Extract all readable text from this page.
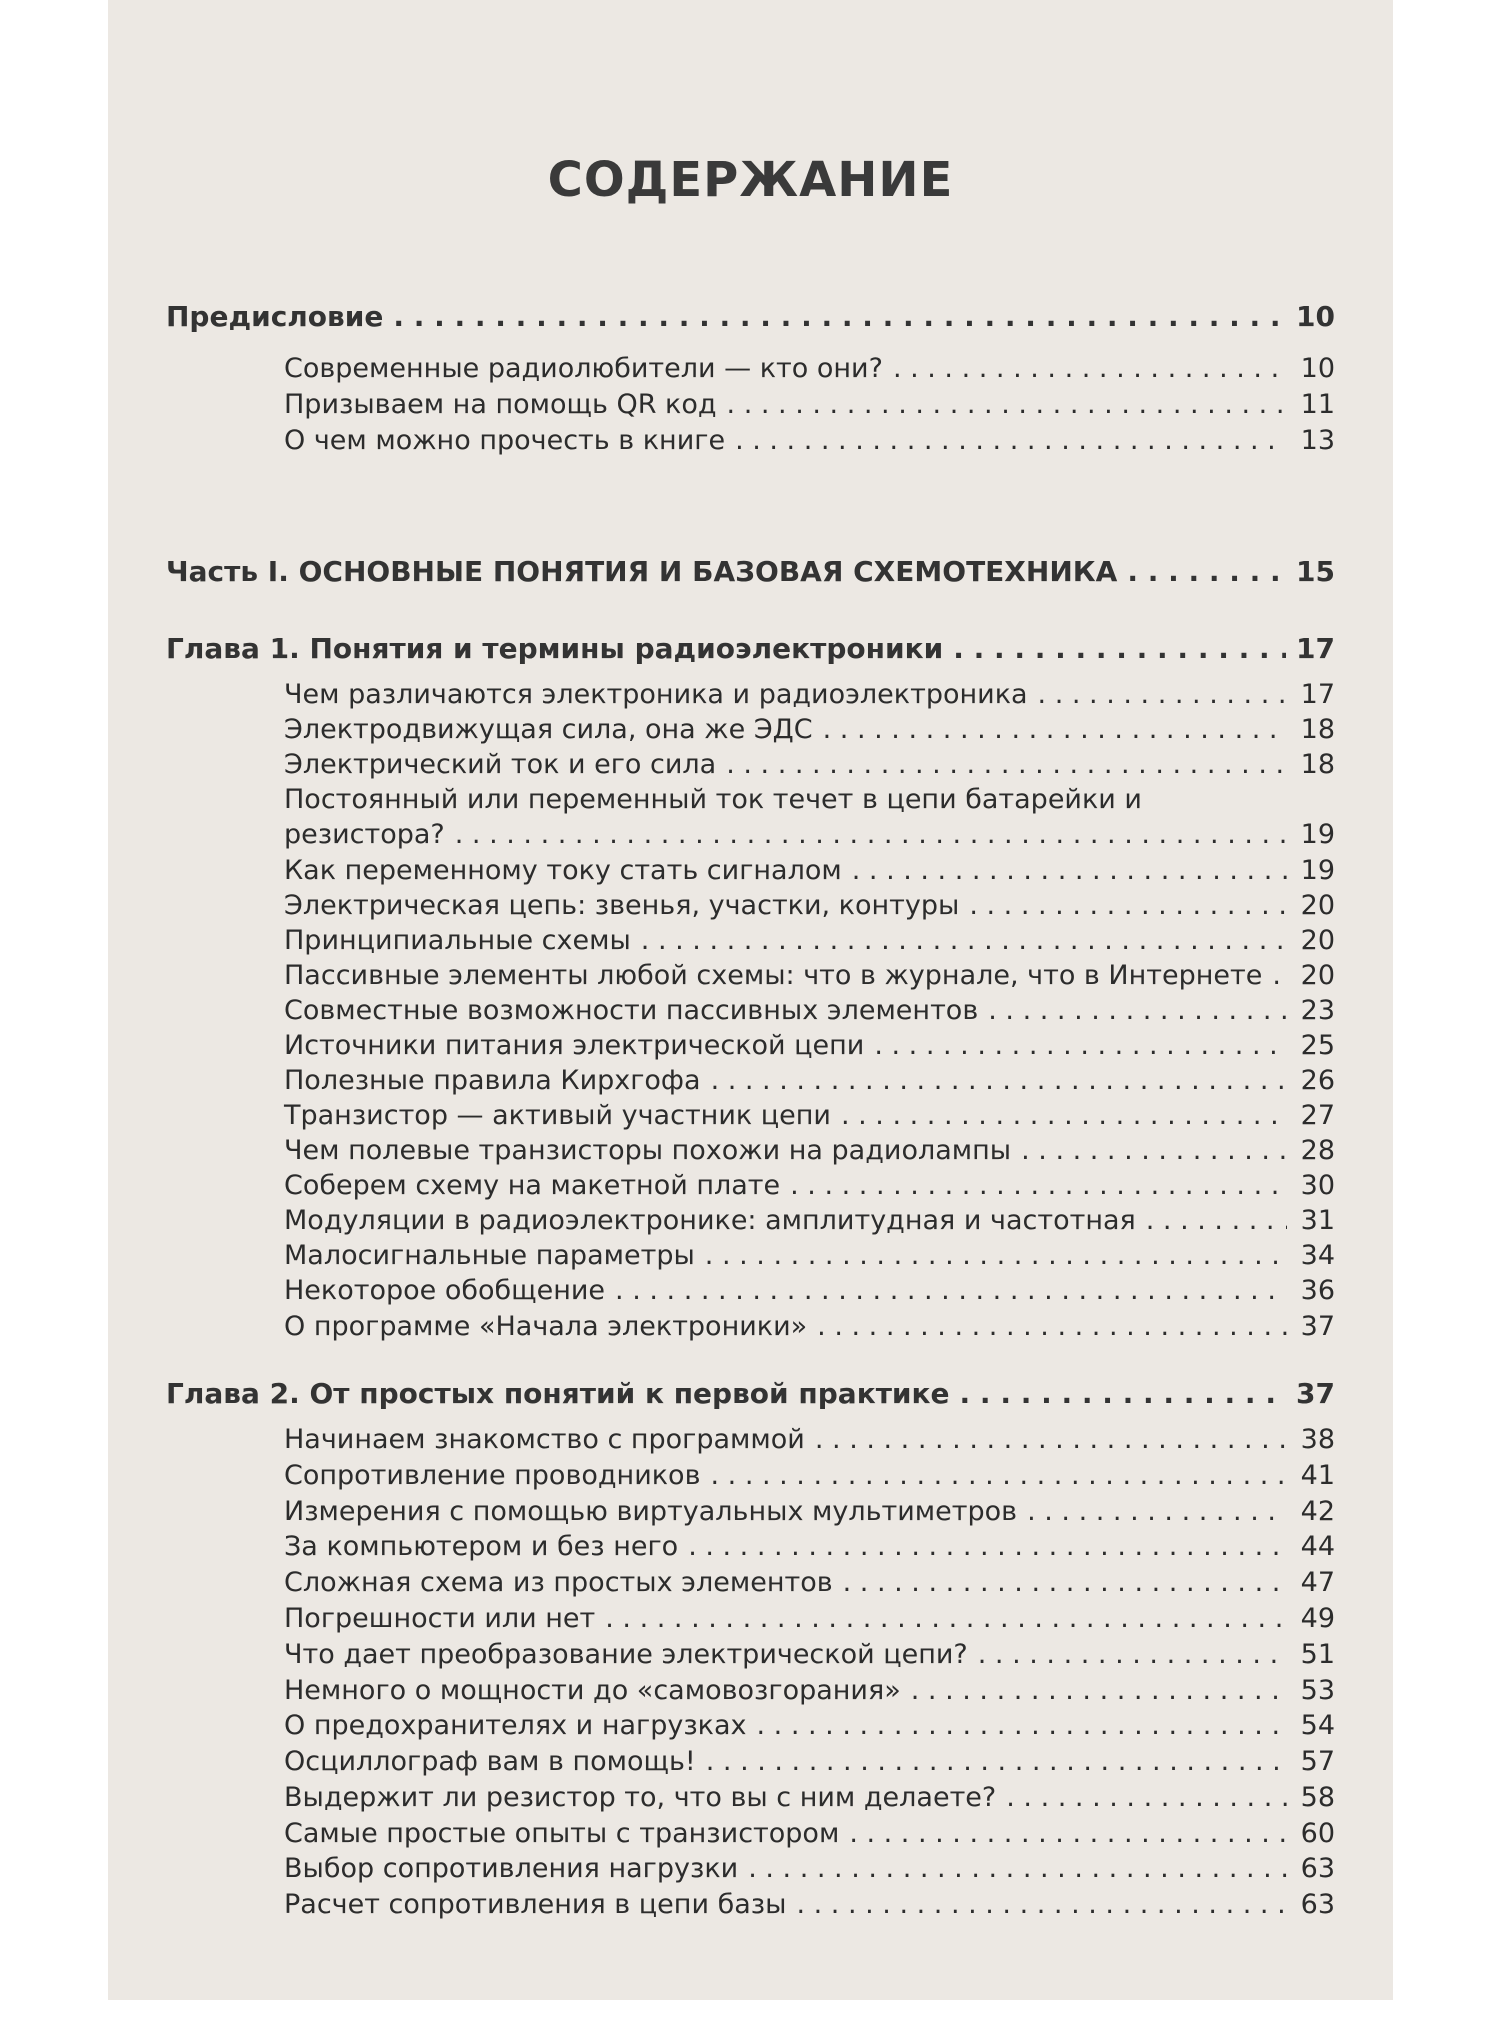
СОДЕРЖАНИЕ
Предисловие . . .	10
Современные радиолюбители — кто они? . . .	10
Призываем на помощь QR код . . .	11
О чем можно прочесть в книге . . .	13
Часть I. ОСНОВНЫЕ ПОНЯТИЯ И БАЗОВАЯ СХЕМОТЕХНИКА . . .	15
Глава 1. Понятия и термины радиоэлектроники . . .	17
Чем различаются электроника и радиоэлектроника . . .	17
Электродвижущая сила, она же ЭДС . . .	18
Электрический ток и его сила . . .	18
Постоянный или переменный ток течет в цепи батарейки и
резистора? . . .	19
Как переменному току стать сигналом . . .	19
Электрическая цепь: звенья, участки, контуры . . .	20
Принципиальные схемы . . .	20
Пассивные элементы любой схемы: что в журнале, что в Интернете . . . 20
Совместные возможности пассивных элементов . . .	23
Источники питания электрической цепи . . .	25
Полезные правила Кирхгофа . . .	26
Транзистор — активый участник цепи . . .	27
Чем полевые транзисторы похожи на радиолампы . . .	28
Соберем схему на макетной плате . . .	30
Модуляции в радиоэлектронике: амплитудная и частотная . . .	31
Малосигнальные параметры . . .	34
Некоторое обобщение . . .	36
О программе «Начала электроники» . . .	37
Глава 2. От простых понятий к первой практике . . .	37
Начинаем знакомство с программой . . .	38
Сопротивление проводников . . .	41
Измерения с помощью виртуальных мультиметров . . .	42
За компьютером и без него . . .	44
Сложная схема из простых элементов . . .	47
Погрешности или нет . . .	49
Что дает преобразование электрической цепи? . . .	51
Немного о мощности до «самовозгорания» . . .	53
О предохранителях и нагрузках . . .	54
Осциллограф вам в помощь! . . .	57
Выдержит ли резистор то, что вы с ним делаете? . . .	58
Самые простые опыты с транзистором . . .	60
Выбор сопротивления нагрузки . . .	63
Расчет сопротивления в цепи базы . . .	63
